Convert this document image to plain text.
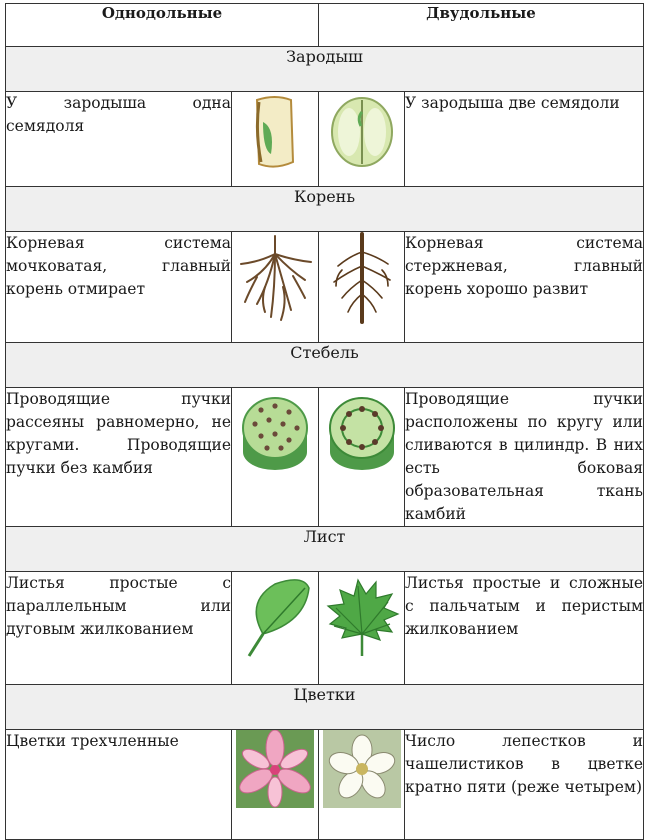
Однодольные		Двудольные	
Зародыш			
У зародыша одна семядоля			У зародыша две семядоли
Корень			
Корневая система мочковатая, главный корень отмирает			Корневая система стержневая, главный корень хорошо развит
Стебель			
Проводящие пучки рассеяны равномерно, не кругами. Проводящие пучки без камбия			Проводящие пучки расположены по кругу или сливаются в цилиндр. В них есть боковая образовательная ткань камбий
Лист			
Листья простые с параллельным или дуговым жилкованием			Листья простые и сложные с пальчатым и перистым жилкованием
Цветки			
Цветки трехчленные			Число лепестков и чашелистиков в цветке кратно пяти (реже четырем)
